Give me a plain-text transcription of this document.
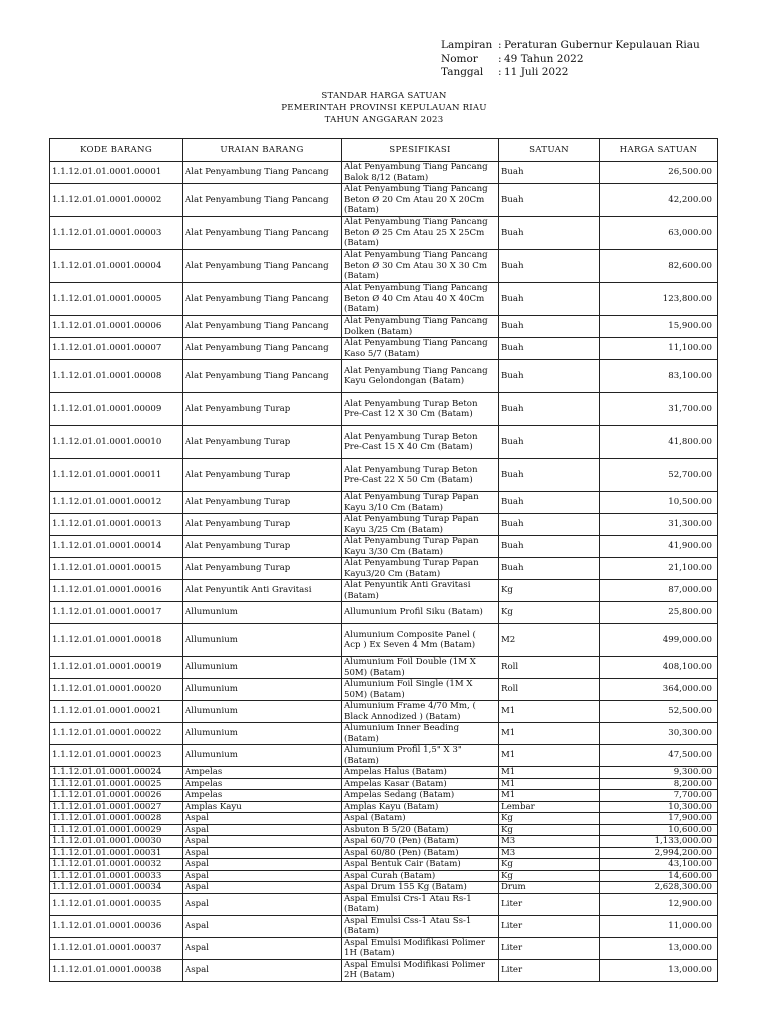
Lampiran : Peraturan Gubernur Kepulauan Riau
Nomor	: 49 Tahun 2022
Tanggal	: 11 Juli 2022
STANDAR HARGA SATUAN
PEMERINTAH PROVINSI KEPULAUAN RIAU
TAHUN ANGGARAN 2023
KODE BARANG	URAIAN BARANG	SPESIFIKASI	SATUAN	HARGA SATUAN
1.1.12.01.01.0001.00001	Alat Penyambung Tiang Pancang	Alat Penyambung Tiang Pancang Balok 8/12 (Batam)	Buah	26,500.00
1.1.12.01.01.0001.00002	Alat Penyambung Tiang Pancang	Alat Penyambung Tiang Pancang Beton Ø 20 Cm Atau 20 X 20Cm (Batam)	Buah	42,200.00
1.1.12.01.01.0001.00003	Alat Penyambung Tiang Pancang	Alat Penyambung Tiang Pancang Beton Ø 25 Cm Atau 25 X 25Cm (Batam)	Buah	63,000.00
1.1.12.01.01.0001.00004	Alat Penyambung Tiang Pancang	Alat Penyambung Tiang Pancang Beton Ø 30 Cm Atau 30 X 30 Cm (Batam)	Buah	82,600.00
1.1.12.01.01.0001.00005	Alat Penyambung Tiang Pancang	Alat Penyambung Tiang Pancang Beton Ø 40 Cm Atau 40 X 40Cm (Batam)	Buah	123,800.00
1.1.12.01.01.0001.00006	Alat Penyambung Tiang Pancang	Alat Penyambung Tiang Pancang Dolken (Batam)	Buah	15,900.00
1.1.12.01.01.0001.00007	Alat Penyambung Tiang Pancang	Alat Penyambung Tiang Pancang Kaso 5/7 (Batam)	Buah	11,100.00
1.1.12.01.01.0001.00008	Alat Penyambung Tiang Pancang	Alat Penyambung Tiang Pancang Kayu Gelondongan (Batam)	Buah	83,100.00
1.1.12.01.01.0001.00009	Alat Penyambung Turap	Alat Penyambung Turap Beton Pre-Cast 12 X 30 Cm (Batam)	Buah	31,700.00
1.1.12.01.01.0001.00010	Alat Penyambung Turap	Alat Penyambung Turap Beton Pre-Cast 15 X 40 Cm (Batam)	Buah	41,800.00
1.1.12.01.01.0001.00011	Alat Penyambung Turap	Alat Penyambung Turap Beton Pre-Cast 22 X 50 Cm (Batam)	Buah	52,700.00
1.1.12.01.01.0001.00012	Alat Penyambung Turap	Alat Penyambung Turap Papan Kayu 3/10 Cm (Batam)	Buah	10,500.00
1.1.12.01.01.0001.00013	Alat Penyambung Turap	Alat Penyambung Turap Papan Kayu 3/25 Cm (Batam)	Buah	31,300.00
1.1.12.01.01.0001.00014	Alat Penyambung Turap	Alat Penyambung Turap Papan Kayu 3/30 Cm (Batam)	Buah	41,900.00
1.1.12.01.01.0001.00015	Alat Penyambung Turap	Alat Penyambung Turap Papan Kayu3/20 Cm (Batam)	Buah	21,100.00
1.1.12.01.01.0001.00016	Alat Penyuntik Anti Gravitasi	Alat Penyuntik Anti Gravitasi (Batam)	Kg	87,000.00
1.1.12.01.01.0001.00017	Allumunium	Allumunium Profil Siku (Batam)	Kg	25,800.00
1.1.12.01.01.0001.00018	Allumunium	Alumunium Composite Panel ( Acp ) Ex Seven 4 Mm (Batam)	M2	499,000.00
1.1.12.01.01.0001.00019	Allumunium	Alumunium Foil Double (1M X 50M) (Batam)	Roll	408,100.00
1.1.12.01.01.0001.00020	Allumunium	Alumunium Foil Single (1M X 50M) (Batam)	Roll	364,000.00
1.1.12.01.01.0001.00021	Allumunium	Alumunium Frame 4/70 Mm, ( Black Annodized ) (Batam)	M1	52,500.00
1.1.12.01.01.0001.00022	Allumunium	Alumunium Inner Beading (Batam)	M1	30,300.00
1.1.12.01.01.0001.00023	Allumunium	Alumunium Profil 1,5" X 3" (Batam)	M1	47,500.00
1.1.12.01.01.0001.00024	Ampelas	Ampelas Halus (Batam)	M1	9,300.00
1.1.12.01.01.0001.00025	Ampelas	Ampelas Kasar (Batam)	M1	8,200.00
1.1.12.01.01.0001.00026	Ampelas	Ampelas Sedang (Batam)	M1	7,700.00
1.1.12.01.01.0001.00027	Amplas Kayu	Amplas Kayu (Batam)	Lembar	10,300.00
1.1.12.01.01.0001.00028	Aspal	Aspal (Batam)	Kg	17,900.00
1.1.12.01.01.0001.00029	Aspal	Asbuton B 5/20 (Batam)	Kg	10,600.00
1.1.12.01.01.0001.00030	Aspal	Aspal 60/70 (Pen) (Batam)	M3	1,133,000.00
1.1.12.01.01.0001.00031	Aspal	Aspal 60/80 (Pen) (Batam)	M3	2,994,200.00
1.1.12.01.01.0001.00032	Aspal	Aspal Bentuk Cair (Batam)	Kg	43,100.00
1.1.12.01.01.0001.00033	Aspal	Aspal Curah (Batam)	Kg	14,600.00
1.1.12.01.01.0001.00034	Aspal	Aspal Drum 155 Kg (Batam)	Drum	2,628,300.00
1.1.12.01.01.0001.00035	Aspal	Aspal Emulsi Crs-1 Atau Rs-1 (Batam)	Liter	12,900.00
1.1.12.01.01.0001.00036	Aspal	Aspal Emulsi Css-1 Atau Ss-1 (Batam)	Liter	11,000.00
1.1.12.01.01.0001.00037	Aspal	Aspal Emulsi Modifikasi Polimer 1H (Batam)	Liter	13,000.00
1.1.12.01.01.0001.00038	Aspal	Aspal Emulsi Modifikasi Polimer 2H (Batam)	Liter	13,000.00
